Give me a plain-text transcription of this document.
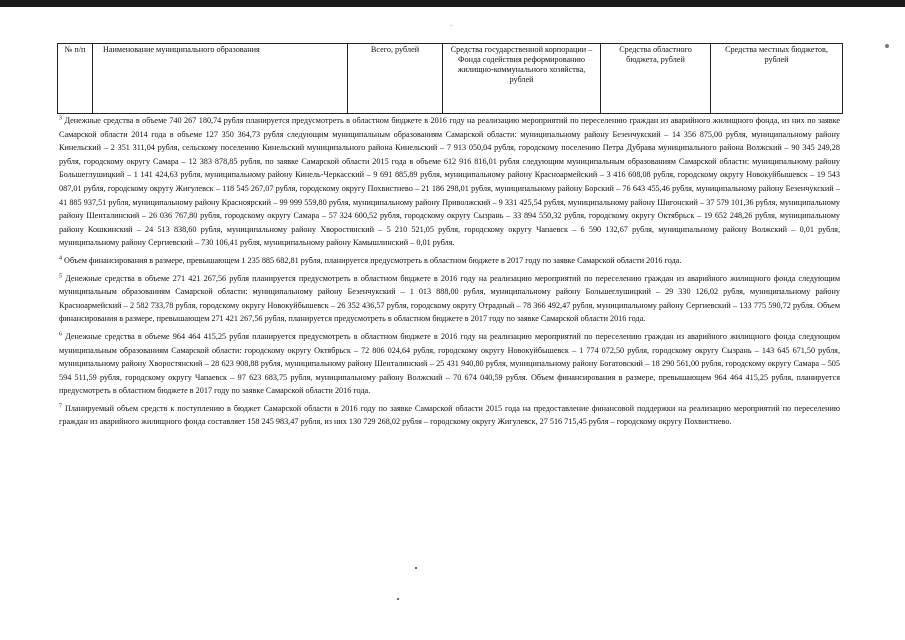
·
№ п/п	Наименование муниципального образования	Всего, рублей	Средства государственной корпорации – Фонда содействия реформированию жилищно-коммунального хозяйства, рублей	Средства областного бюджета, рублей	Средства местных бюджетов, рублей

$^3$ Денежные средства в объеме 740 267 180,74 рубля планируется предусмотреть в областном бюджете в 2016 году на реализацию мероприятий по переселению граждан из аварийного жилищного фонда, из них по заявке Самарской области 2014 года в объеме 127 350 364,73 рубля следующим муниципальным образованиям Самарской области: муниципальному району Безенчукский – 14 356 875,00 рубля, муниципальному району Кинельский – 2 351 311,04 рубля, сельскому поселению Кинельский муниципального района Кинельский – 7 913 050,04 рубля, городскому поселению Петра Дубрава муниципального района Волжский – 90 345 249,28 рубля, городскому округу Самара – 12 383 878,85 рубля, по заявке Самарской области 2015 года в объеме 612 916 816,01 рубля следующим муниципальным образованиям Самарской области: муниципальному району Большеглушицкий – 1 141 424,63 рубля, муниципальному району Кинель-Черкасский – 9 691 885,89 рубля, муниципальному району Красноармейский – 3 416 608,08 рубля, городскому округу Новокуйбышевск – 19 543 087,01 рубля, городскому округу Жигулевск – 118 545 267,07 рубля, городскому округу Похвистнево – 21 186 298,01 рубля, муниципальному району Борский – 76 643 455,46 рубля, муниципальному району Безенчукский – 41 885 937,51 рубля, муниципальному району Красноярский – 99 999 559,80 рубля, муниципальному району Приволжский – 9 331 425,54 рубля, муниципальному району Шигонский – 37 579 101,36 рубля, муниципальному району Шенталинский – 26 036 767,80 рубля, городскому округу Самара – 57 324 600,52 рубля, городскому округу Сызрань – 33 894 550,32 рубля, городскому округу Октябрьск – 19 652 248,26 рубля, муниципальному району Кошкинский – 24 513 838,60 рубля, муниципальному району Хворостянский – 5 210 521,05 рубля, городскому округу Чапаевск – 6 590 132,67 рубля, муниципальному району Волжский – 0,01 рубля, муниципальному району Сергиевский – 730 106,41 рубля, муниципальному району Камышлинский – 0,01 рубля.

$^4$ Объем финансирования в размере, превышающем 1 235 885 682,81 рубля, планируется предусмотреть в областном бюджете в 2017 году по заявке Самарской области 2016 года.

$^5$ Денежные средства в объеме 271 421 267,56 рубля планируется предусмотреть в областном бюджете в 2016 году на реализацию мероприятий по переселению граждан из аварийного жилищного фонда следующим муниципальным образованиям Самарской области: муниципальному району Безенчукский – 1 013 888,00 рубля, муниципальному району Большеглушицкий – 29 330 126,02 рубля, муниципальному району Красноармейский – 2 582 733,78 рубля, городскому округу Новокуйбышевск – 26 352 436,57 рубля, городскому округу Отрадный – 78 366 492,47 рубля, муниципальному району Сергиевский – 133 775 590,72 рубля. Объем финансирования в размере, превышающем 271 421 267,56 рубля, планируется предусмотреть в областном бюджете в 2017 году по заявке Самарской области 2016 года.

$^6$ Денежные средства в объеме 964 464 415,25 рубля планируется предусмотреть в областном бюджете в 2016 году на реализацию мероприятий по переселению граждан из аварийного жилищного фонда следующим муниципальным образованиям Самарской области: городскому округу Октябрьск – 72 806 024,64 рубля, городскому округу Новокуйбышевск – 1 774 072,50 рубля, городскому округу Сызрань – 143 645 671,50 рубля, муниципальному району Хворостянский – 28 623 908,88 рубля, муниципальному району Шенталинский – 25 431 940,80 рубля, муниципальному району Богатовский – 18 290 561,00 рубля, городскому округу Самара – 505 594 511,59 рубля, городскому округу Чапаевск – 97 623 683,75 рубля, муниципальному району Волжский – 70 674 040,59 рубля. Объем финансирования в размере, превышающем 964 464 415,25 рубля, планируется предусмотреть в областном бюджете в 2017 году по заявке Самарской области 2016 года.

$^7$ Планируемый объем средств к поступлению в бюджет Самарской области в 2016 году по заявке Самарской области 2015 года на предоставление финансовой поддержки на реализацию мероприятий по переселению граждан из аварийного жилищного фонда составляет 158 245 983,47 рубля, из них 130 729 268,02 рубля – городскому округу Жигулевск, 27 516 715,45 рубля – городскому округу Похвистнево.
